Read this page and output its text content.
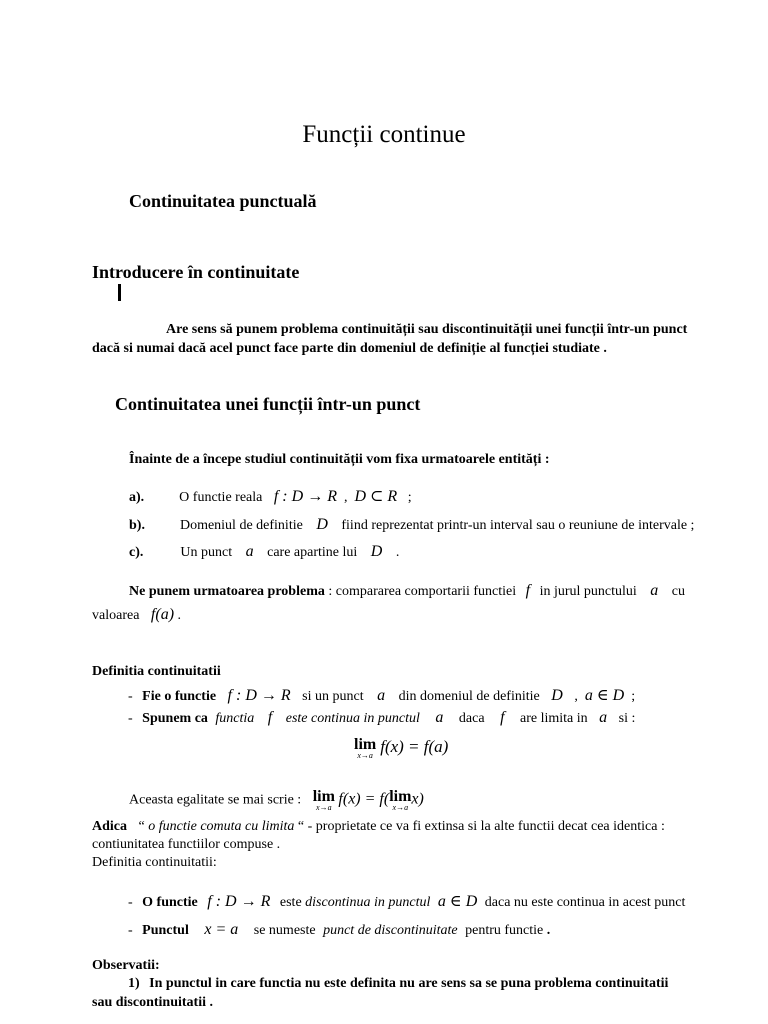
Funcții continue
Continuitatea punctuală
Introducere în continuitate
Are sens să punem problema continuității sau discontinuității unei funcții într-un punct dacă si numai dacă acel punct face parte din domeniul de definiție al funcției studiate .
Continuitatea unei funcții într-un punct
Înainte de a începe studiul continuității vom fixa urmatoarele entități :
a).	O functie reala f : D → R  ,  D ⊂ R   ;
b).	Domeniul de definitie D fiind reprezentat printr-un interval sau o reuniune de intervale ;
c).	Un punct a care apartine lui D .
Ne punem urmatoarea problema : compararea comportarii functiei f in jurul punctului a cu
valoarea f(a) .
Definitia continuitatii
- Fie o functie f : D → R si un punct a din domeniul de definitie D ,  a ∈ D  ;
- Spunem ca functia f este continua in punctul a daca f are limita in a si :
lim
x→a f(x) = f(a)
Aceasta egalitate se mai scrie : lim
x→a f(x) = f( lim
x→a x)
Adica “ o functie comuta cu limita “ - proprietate ce va fi extinsa si la alte functii decat cea identica :
contiunitatea functiilor compuse .
Definitia continuitatii:
- O functie f : D → R este discontinua in punctul a ∈ D daca nu este continua in acest punct
- Punctul x = a se numeste punct de discontinuitate pentru functie .
Observatii:
1) In punctul in care functia nu este definita nu are sens sa se puna problema continuitatii
sau discontinuitatii .
